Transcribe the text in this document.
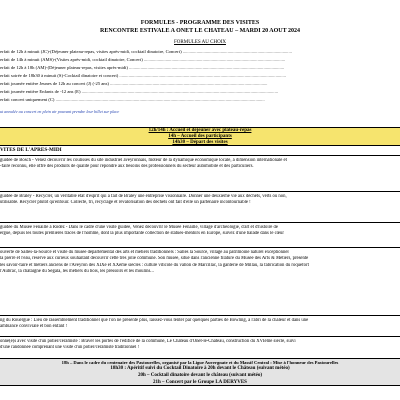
FORMULES - PROGRAMME DES VISITES
RENCONTRE ESTIVALE A ONET LE CHATEAU – MARDI 20 AOUT 2024
FORMULES AU CHOIX
erfait de 12h à minuit (JC)-(Déjeuner plateau-repas, visites après-midi, cocktail dinatoire, Concert) ...............................................................................................
erfait de 14h à minuit (AMS)-(Visites après-midi, cocktail dinatoire, Concert) ...........................................................................................................................
erfait de 12h à 18h (AM)-(Déjeuner plateau-repas, visites après-midi) .......................................................................................................................................
erfait soirée de 18h30 à minuit (S)-Cocktail dinatoire et concert) .................................................................................................................................................
erfait journée entière Jeunes de 12h au concert (J) (-25 ans) .........................................................................................................................................
erfait journée entière Enfants de -12 ans (E) ...........................................................................................................................................................................
erfait concert uniquement (C) ......................................................................................................................................................................................
ut annulée au concert en plein air pouvant prendre leur billet sur place
12h/14h : Accueil et déjeuner avec plateau-repas
14h – Accueil des participants
14h30 – Départ des visites
VITES DE L'APRES-MIDI
guidée de Bosch - Venez découvrir les coulisses du site industriel aveyronnais, moteur de la dynamique économique locale, à dimension internationale et
-faire reconnu, elle offre des produits de qualité pour répondre aux besoins des professionnels du secteur automobile et des particuliers.
guidée de Braley - Recycler, un véritable état d'esprit qui a fait de Braley une entreprise visionnaire. Donner une deuxième vie aux déchets, verts ou non,
utilisable. Recycler plutôt qu'enfouir. Collecte, tri, recyclage et revalorisation des déchets ont fait d'elle un partenaire incontournable !
guidée du Musée Fenaille à Rodez - Dans le cadre d'une visite guidée, Venez découvrir le Musée Fenaille, village d'archéologie, d'art et d'histoire de
ergue, depuis les toutes premières traces de l'homme, dont la plus importante collection de statues-menhirs en Europe, suivez d'une balade dans le cœur
ouverte de Salles-la-Source et visite du musée départemental des arts et métiers traditionnels : Salles la Source, village au patrimoine naturel exceptionnel
la pierre et l'eau, réserve aux curieux souhaitant découvrir cette très jolie commune. Son musée, situé dans l'ancienne filature du Musée des Arts & Métiers, présente
les savoir-faire et métiers anciens de l'Aveyron des XIXe et XXème siècles : culture viticole du vallon de Marcillac, la ganterie de Millau, la fabrication du roquefort
l'Aubrac, la châtaigne du Ségala, les métiers du bois, les pressoirs et les moulins...
ng du Rouergue : Lieu de rassemblement traditionnel que l'on ne présente plus, laissez-vous tenter par quelques parties de Bowling, à l'abri de la chaleur et dans une
ambiance conviviale et bon enfant !
onné(e)s avec visite d'un potier/céramiste : Braver les portes de l'édifice de la commune, Le Château d'Onet-le-Château, construction du XVIème siècle, suivi
d'une randonnée comprenant une visite d'un potier/céramiste traditionnel !
18h – Dans le cadre du centenaire des Pastourelles, organisé par la Ligue Auvergnate et du Massif Central : Mise à l'honneur des Pastourelles
18h30 : Apéritif suivi du Cocktail Dinatoire à 20h devant le Château (suivant météo)
20h – Cocktail dinatoire devant le château (suivant météo)
21h – Concert par le Groupe LA DERYVES
